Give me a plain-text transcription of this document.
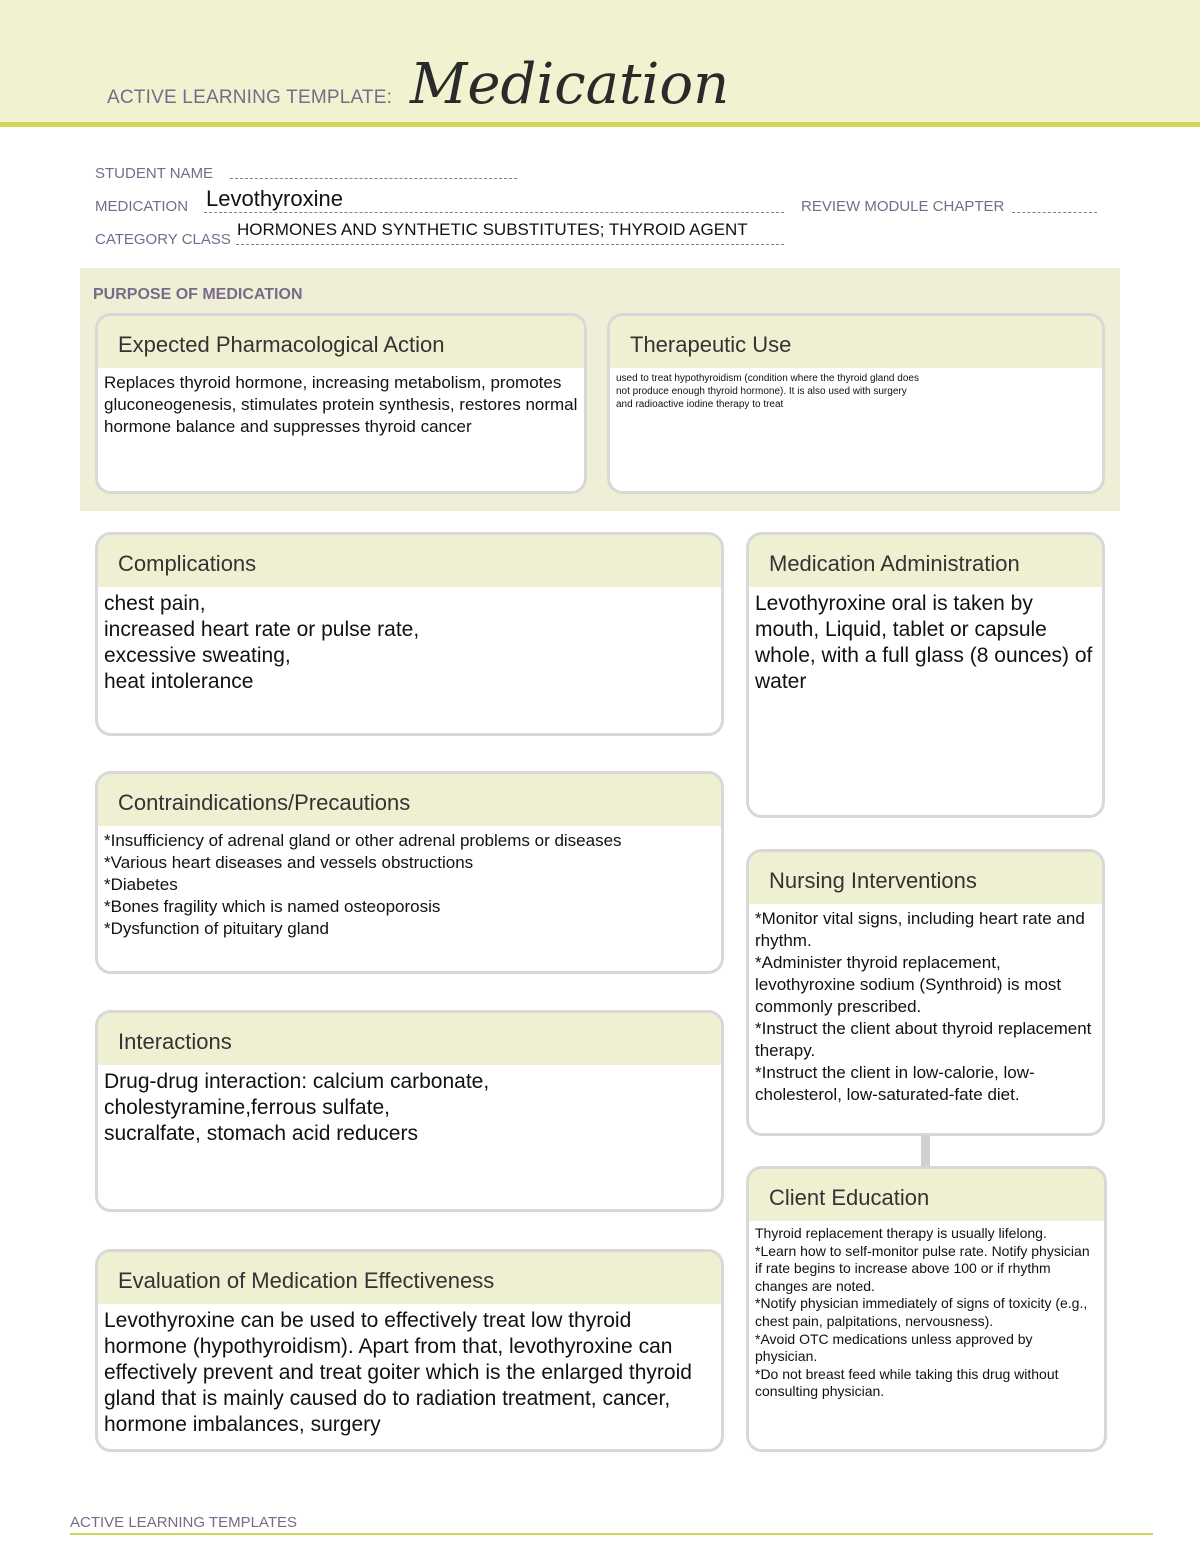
ACTIVE LEARNING TEMPLATE: Medication
STUDENT NAME
MEDICATION Levothyroxine	REVIEW MODULE CHAPTER
CATEGORY CLASS
HORMONES AND SYNTHETIC SUBSTITUTES; THYROID AGENT
PURPOSE OF MEDICATION
Expected Pharmacological Action
Replaces thyroid hormone, increasing metabolism, promotes gluconeogenesis, stimulates protein synthesis, restores normal hormone balance and suppresses thyroid cancer
Therapeutic Use
used to treat hypothyroidism (condition where the thyroid gland does not produce enough thyroid hormone). It is also used with surgery and radioactive iodine therapy to treat
Complications
chest pain,
increased heart rate or pulse rate,
excessive sweating,
heat intolerance
Medication Administration
Levothyroxine oral is taken by mouth, Liquid, tablet or capsule whole, with a full glass (8 ounces) of water
Contraindications/Precautions
*Insufficiency of adrenal gland or other adrenal problems or diseases
*Various heart diseases and vessels obstructions
*Diabetes
*Bones fragility which is named osteoporosis
*Dysfunction of pituitary gland
Nursing Interventions
*Monitor vital signs, including heart rate and rhythm.
*Administer thyroid replacement, levothyroxine sodium (Synthroid) is most commonly prescribed.
*Instruct the client about thyroid replacement therapy.
*Instruct the client in low-calorie, low-cholesterol, low-saturated-fate diet.
Interactions
Drug-drug interaction: calcium carbonate,
cholestyramine,ferrous sulfate,
sucralfate, stomach acid reducers
Client Education
Thyroid replacement therapy is usually lifelong.
*Learn how to self-monitor pulse rate. Notify physician if rate begins to increase above 100 or if rhythm changes are noted.
*Notify physician immediately of signs of toxicity (e.g., chest pain, palpitations, nervousness).
*Avoid OTC medications unless approved by physician.
*Do not breast feed while taking this drug without consulting physician.
Evaluation of Medication Effectiveness
Levothyroxine can be used to effectively treat low thyroid hormone (hypothyroidism). Apart from that, levothyroxine can effectively prevent and treat goiter which is the enlarged thyroid gland that is mainly caused do to radiation treatment, cancer, hormone imbalances, surgery
ACTIVE LEARNING TEMPLATES
